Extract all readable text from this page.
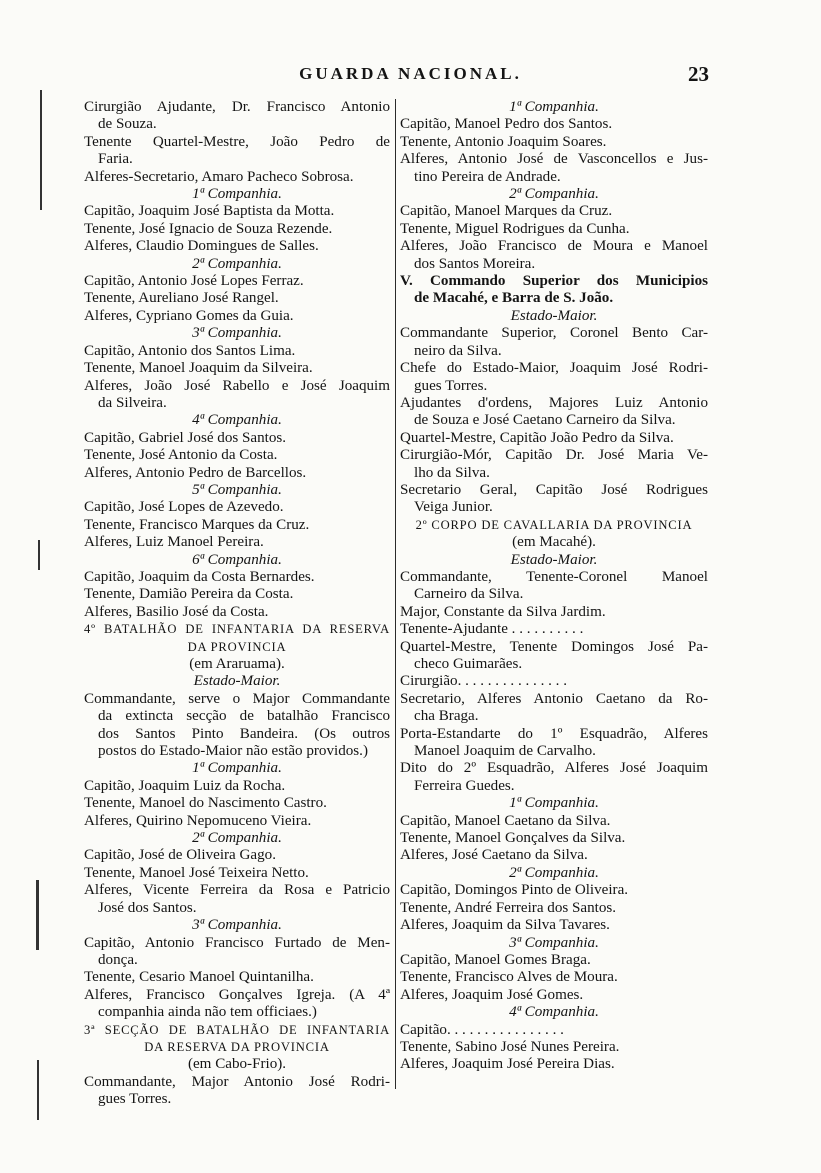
GUARDA NACIONAL.	23
Cirurgião Ajudante, Dr. Francisco Antonio
de Souza.
Tenente Quartel-Mestre, João Pedro de
Faria.
Alferes-Secretario, Amaro Pacheco Sobrosa.
1ª Companhia.
Capitão, Joaquim José Baptista da Motta.
Tenente, José Ignacio de Souza Rezende.
Alferes, Claudio Domingues de Salles.
2ª Companhia.
Capitão, Antonio José Lopes Ferraz.
Tenente, Aureliano José Rangel.
Alferes, Cypriano Gomes da Guia.
3ª Companhia.
Capitão, Antonio dos Santos Lima.
Tenente, Manoel Joaquim da Silveira.
Alferes, João José Rabello e José Joaquim
da Silveira.
4ª Companhia.
Capitão, Gabriel José dos Santos.
Tenente, José Antonio da Costa.
Alferes, Antonio Pedro de Barcellos.
5ª Companhia.
Capitão, José Lopes de Azevedo.
Tenente, Francisco Marques da Cruz.
Alferes, Luiz Manoel Pereira.
6ª Companhia.
Capitão, Joaquim da Costa Bernardes.
Tenente, Damião Pereira da Costa.
Alferes, Basilio José da Costa.
4º BATALHÃO DE INFANTARIA DA RESERVA
DA PROVINCIA
(em Araruama).
Estado-Maior.
Commandante, serve o Major Commandante
da extincta secção de batalhão Francisco
dos Santos Pinto Bandeira. (Os outros
postos do Estado-Maior não estão providos.)
1ª Companhia.
Capitão, Joaquim Luiz da Rocha.
Tenente, Manoel do Nascimento Castro.
Alferes, Quirino Nepomuceno Vieira.
2ª Companhia.
Capitão, José de Oliveira Gago.
Tenente, Manoel José Teixeira Netto.
Alferes, Vicente Ferreira da Rosa e Patricio
José dos Santos.
3ª Companhia.
Capitão, Antonio Francisco Furtado de Men-
donça.
Tenente, Cesario Manoel Quintanilha.
Alferes, Francisco Gonçalves Igreja. (A 4ª
companhia ainda não tem officiaes.)
3ª SECÇÃO DE BATALHÃO DE INFANTARIA
DA RESERVA DA PROVINCIA
(em Cabo-Frio).
Commandante, Major Antonio José Rodri-
gues Torres.
1ª Companhia.
Capitão, Manoel Pedro dos Santos.
Tenente, Antonio Joaquim Soares.
Alferes, Antonio José de Vasconcellos e Jus-
tino Pereira de Andrade.
2ª Companhia.
Capitão, Manoel Marques da Cruz.
Tenente, Miguel Rodrigues da Cunha.
Alferes, João Francisco de Moura e Manoel
dos Santos Moreira.
V. Commando Superior dos Municipios
de Macahé, e Barra de S. João.
Estado-Maior.
Commandante Superior, Coronel Bento Car-
neiro da Silva.
Chefe do Estado-Maior, Joaquim José Rodri-
gues Torres.
Ajudantes d'ordens, Majores Luiz Antonio
de Souza e José Caetano Carneiro da Silva.
Quartel-Mestre, Capitão João Pedro da Silva.
Cirurgião-Mór, Capitão Dr. José Maria Ve-
lho da Silva.
Secretario Geral, Capitão José Rodrigues
Veiga Junior.
2º CORPO DE CAVALLARIA DA PROVINCIA
(em Macahé).
Estado-Maior.
Commandante, Tenente-Coronel Manoel
Carneiro da Silva.
Major, Constante da Silva Jardim.
Tenente-Ajudante . . . . . . . . . .
Quartel-Mestre, Tenente Domingos José Pa-
checo Guimarães.
Cirurgião. . . . . . . . . . . . . . .
Secretario, Alferes Antonio Caetano da Ro-
cha Braga.
Porta-Estandarte do 1º Esquadrão, Alferes
Manoel Joaquim de Carvalho.
Dito do 2º Esquadrão, Alferes José Joaquim
Ferreira Guedes.
1ª Companhia.
Capitão, Manoel Caetano da Silva.
Tenente, Manoel Gonçalves da Silva.
Alferes, José Caetano da Silva.
2ª Companhia.
Capitão, Domingos Pinto de Oliveira.
Tenente, André Ferreira dos Santos.
Alferes, Joaquim da Silva Tavares.
3ª Companhia.
Capitão, Manoel Gomes Braga.
Tenente, Francisco Alves de Moura.
Alferes, Joaquim José Gomes.
4ª Companhia.
Capitão. . . . . . . . . . . . . . . .
Tenente, Sabino José Nunes Pereira.
Alferes, Joaquim José Pereira Dias.
